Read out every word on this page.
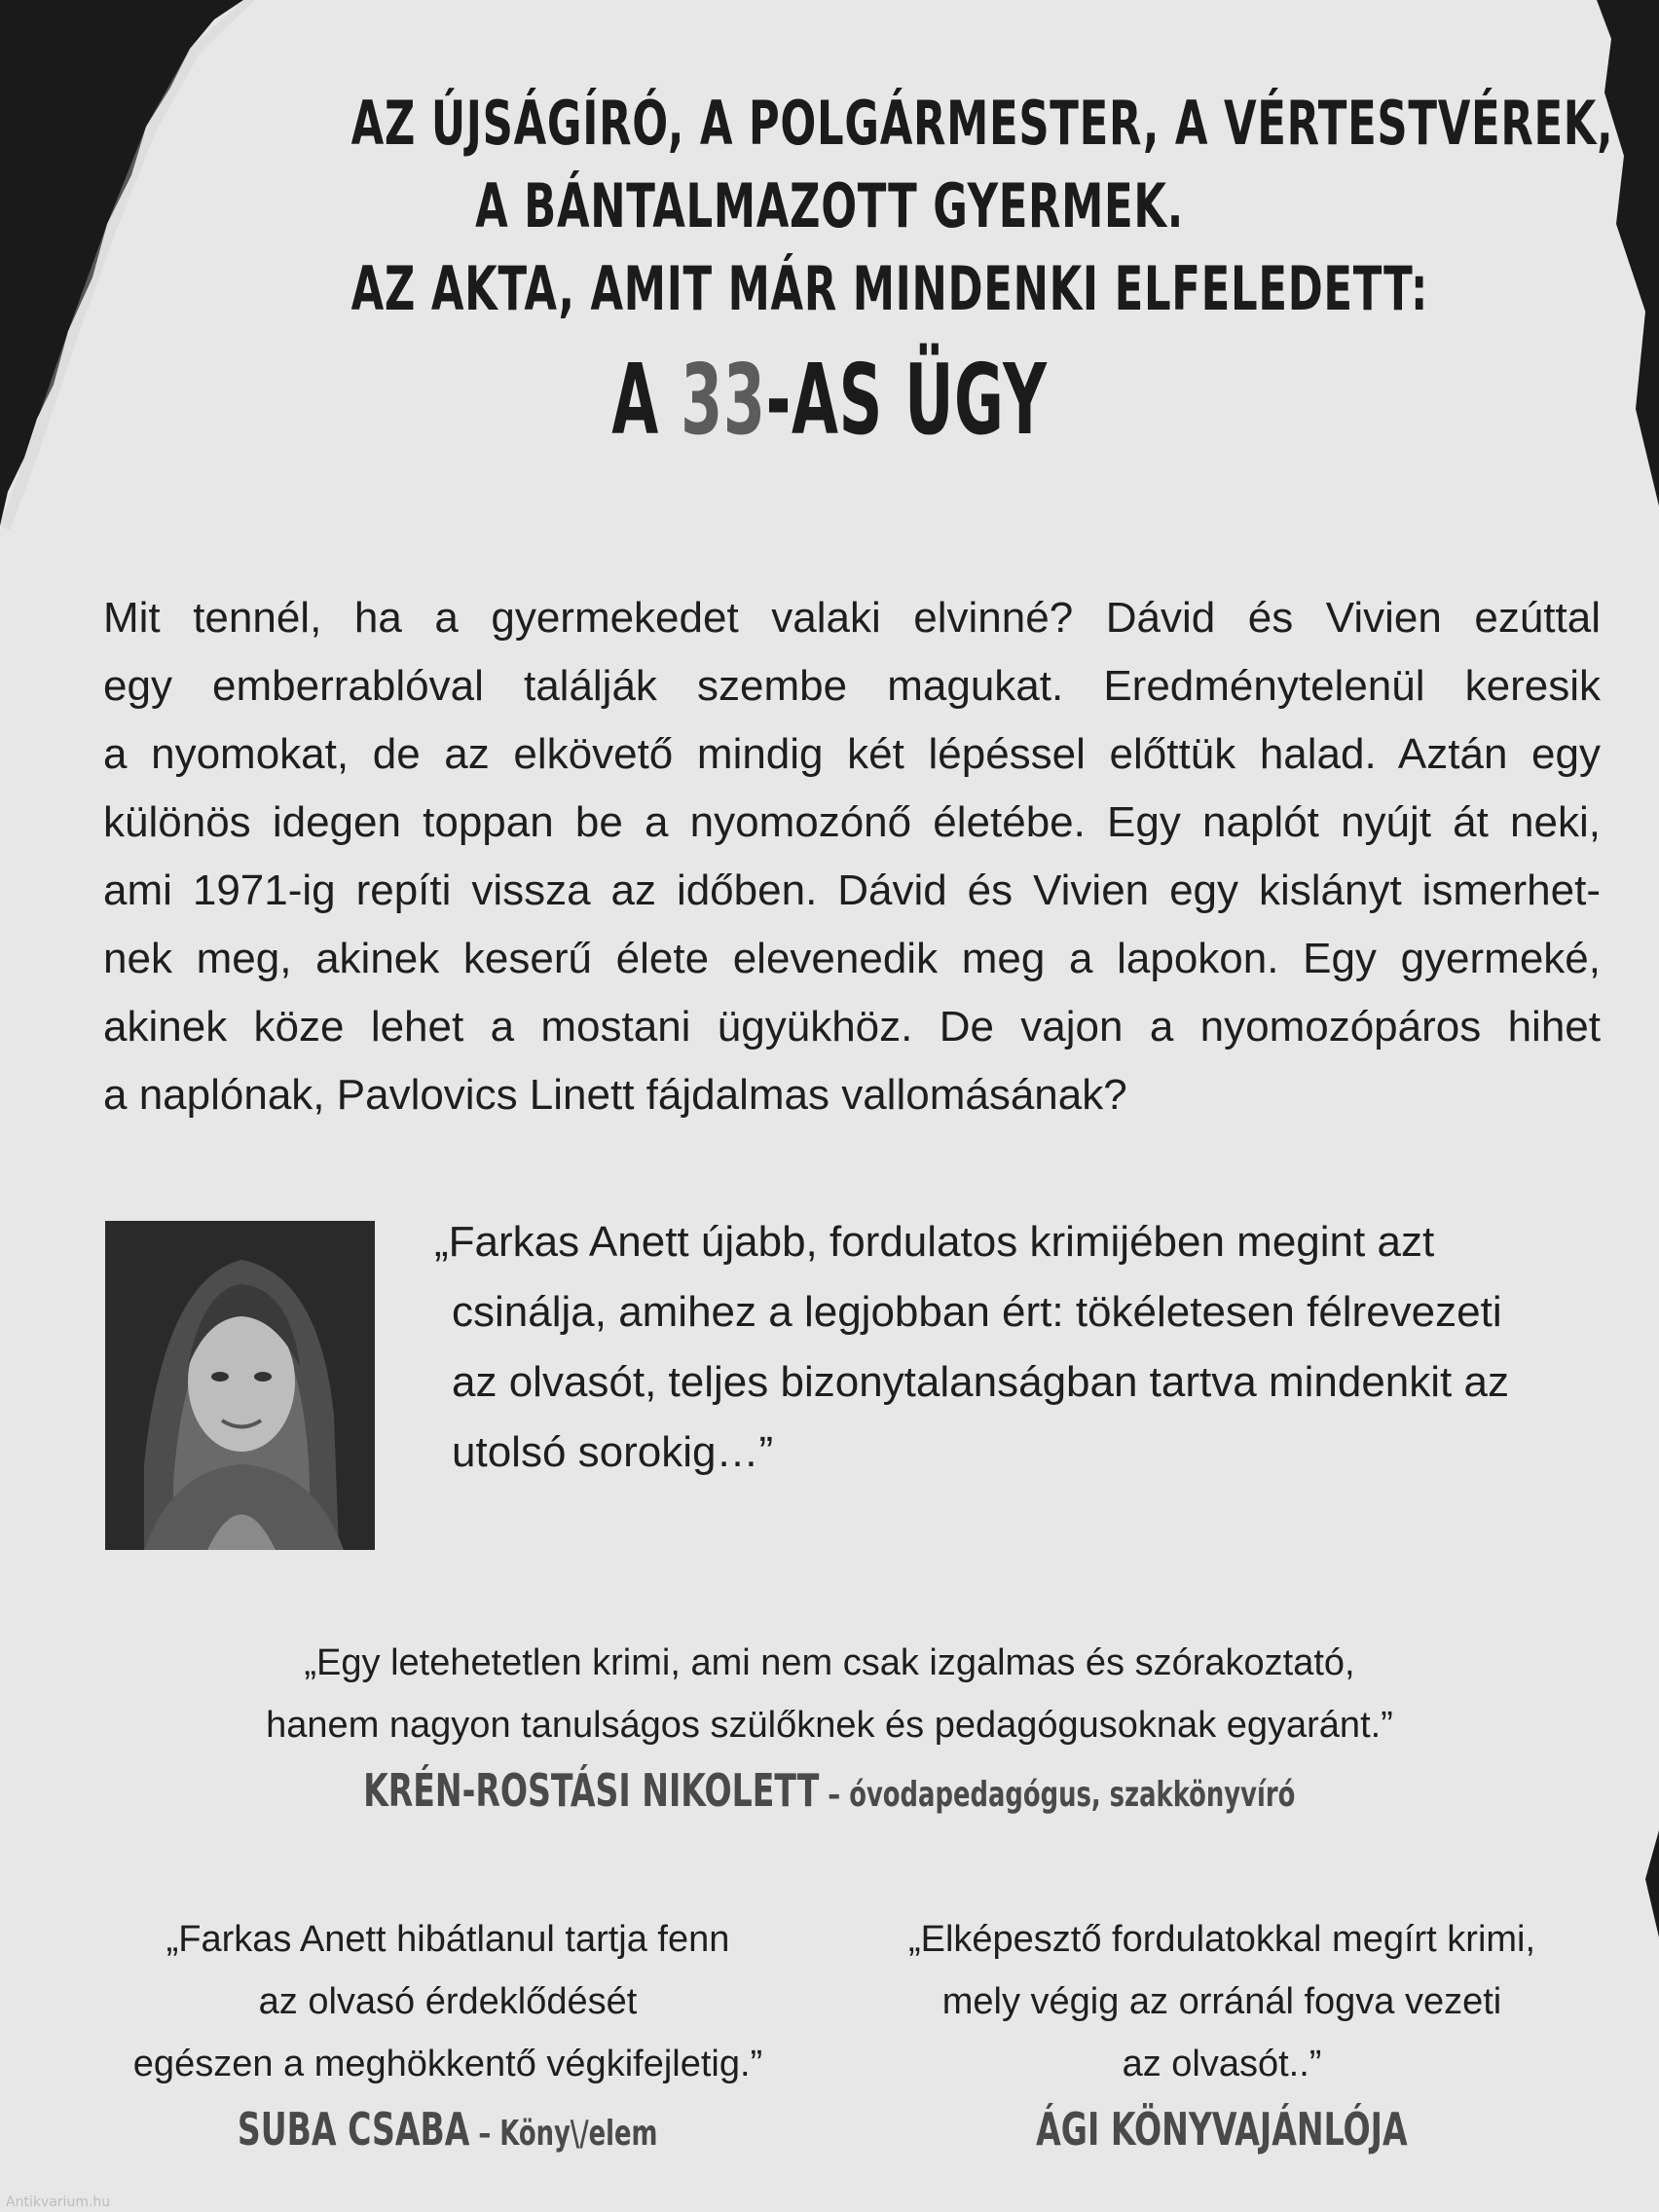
AZ ÚJSÁGÍRÓ, A POLGÁRMESTER, A VÉRTESTVÉREK,
A BÁNTALMAZOTT GYERMEK.
AZ AKTA, AMIT MÁR MINDENKI ELFELEDETT:
A 33-AS ÜGY

Mit tennél, ha a gyermekedet valaki elvinné? Dávid és Vivien ezúttal

egy emberrablóval találják szembe magukat. Eredménytelenül keresik

a nyomokat, de az elkövető mindig két lépéssel előttük halad. Aztán egy

különös idegen toppan be a nyomozónő életébe. Egy naplót nyújt át neki,

ami 1971-ig repíti vissza az időben. Dávid és Vivien egy kislányt ismerhet-

nek meg, akinek keserű élete elevenedik meg a lapokon. Egy gyermeké,

akinek köze lehet a mostani ügyükhöz. De vajon a nyomozópáros hihet

a naplónak, Pavlovics Linett fájdalmas vallomásának?

„Farkas Anett újabb, fordulatos krimijében megint azt

csinálja, amihez a legjobban ért: tökéletesen félrevezeti

az olvasót, teljes bizonytalanságban tartva mindenkit az

utolsó sorokig…”

„Egy letehetetlen krimi, ami nem csak izgalmas és szórakoztató,

hanem nagyon tanulságos szülőknek és pedagógusoknak egyaránt.”

KRÉN-ROSTÁSI NIKOLETT – óvodapedagógus, szakkönyvíró

„Farkas Anett hibátlanul tartja fenn

az olvasó érdeklődését

egészen a meghökkentő végkifejletig.”

SUBA CSABA – Köny\/elem

„Elképesztő fordulatokkal megírt krimi,

mely végig az orránál fogva vezeti

az olvasót..”

ÁGI KÖNYVAJÁNLÓJA
Antikvarium.hu
